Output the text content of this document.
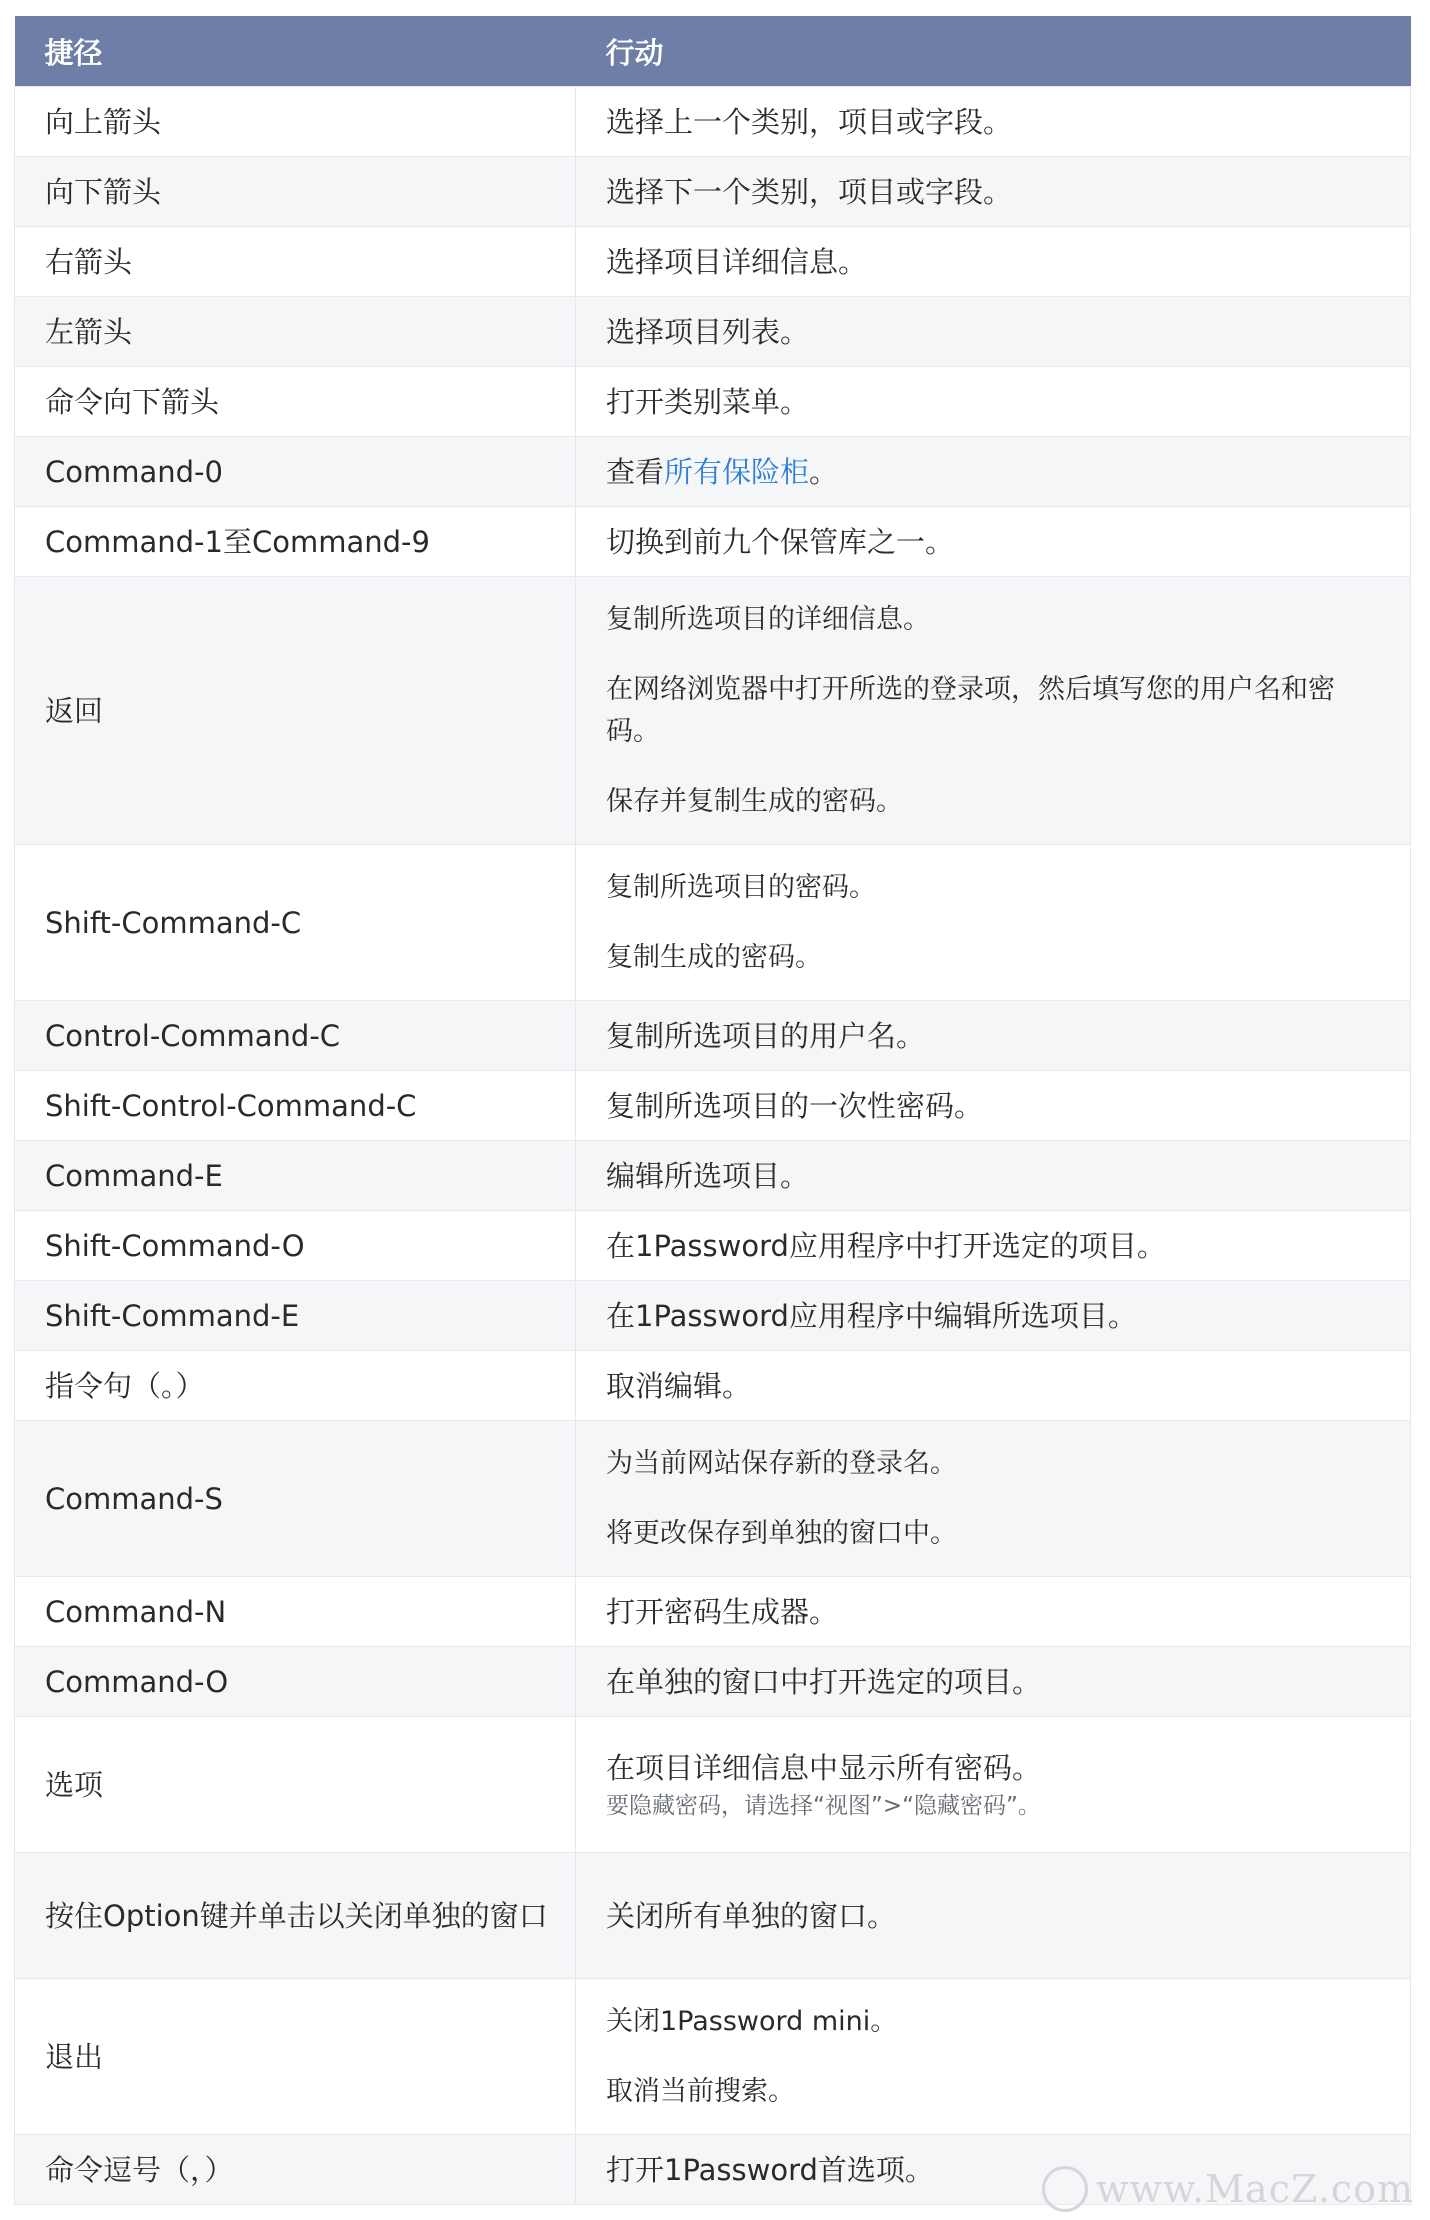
捷径	行动
向上箭头	选择上一个类别，项目或字段。

向下箭头	选择下一个类别，项目或字段。

右箭头	选择项目详细信息。

左箭头	选择项目列表。

命令向下箭头	打开类别菜单。

Command-0	查看所有保险柜。
Command-1至Command-9	切换到前九个保管库之一。

返回	复制所选项目的详细信息。
在网络浏览器中打开所选的登录项，然后填写您的用户名和密码。
保存并复制生成的密码。

Shift-Command-C	复制所选项目的密码。
复制生成的密码。

Control-Command-C	复制所选项目的用户名。

Shift-Control-Command-C	复制所选项目的一次性密码。

Command-E	编辑所选项目。

Shift-Command-O	在1Password应用程序中打开选定的项目。

Shift-Command-E	在1Password应用程序中编辑所选项目。

指令句（。）	取消编辑。

Command-S	为当前网站保存新的登录名。
将更改保存到单独的窗口中。

Command-N	打开密码生成器。

Command-O	在单独的窗口中打开选定的项目。

选项	在项目详细信息中显示所有密码。
要隐藏密码，请选择“视图”>“隐藏密码”。

按住Option键并单击以关闭单独的窗口	关闭所有单独的窗口。

退出	关闭1Password mini。
取消当前搜索。

命令逗号（，）	打开1Password首选项。	www.MacZ.com
